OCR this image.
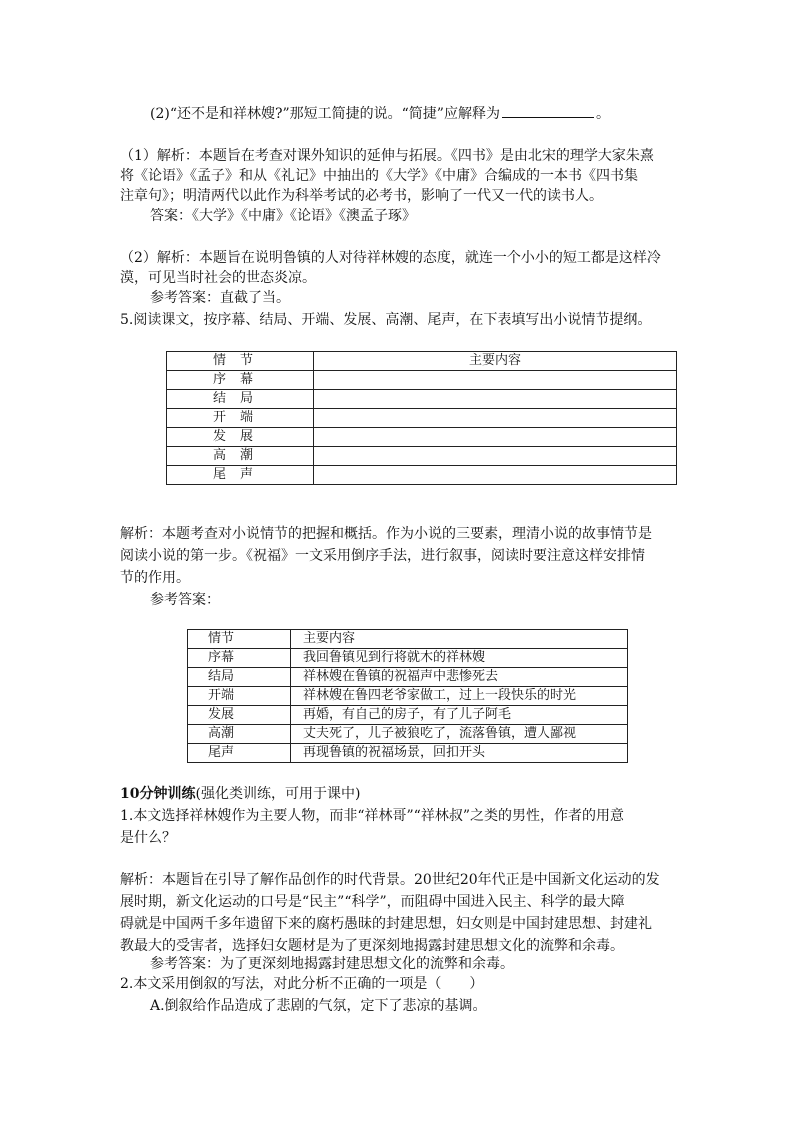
(2)“还不是和祥林嫂?”那短工简捷的说。“简捷”应解释为	。
（1）解析：本题旨在考查对课外知识的延伸与拓展。《四书》是由北宋的理学大家朱熹
将《论语》《孟子》和从《礼记》中抽出的《大学》《中庸》合编成的一本书《四书集
注章句》；明清两代以此作为科举考试的必考书，影响了一代又一代的读书人。
答案：《大学》《中庸》《论语》《澳孟子琢》
（2）解析：本题旨在说明鲁镇的人对待祥林嫂的态度，就连一个小小的短工都是这样冷
漠，可见当时社会的世态炎凉。
参考答案：直截了当。
5.阅读课文，按序幕、结局、开端、发展、高潮、尾声，在下表填写出小说情节提纲。
情节	主要内容
序幕	
结局	
开端	
发展	
高潮	
尾声	
解析：本题考查对小说情节的把握和概括。作为小说的三要素，理清小说的故事情节是
阅读小说的第一步。《祝福》一文采用倒序手法，进行叙事，阅读时要注意这样安排情
节的作用。
参考答案：
情节	主要内容
序幕	我回鲁镇见到行将就木的祥林嫂
结局	祥林嫂在鲁镇的祝福声中悲惨死去
开端	祥林嫂在鲁四老爷家做工，过上一段快乐的时光
发展	再婚，有自己的房子，有了儿子阿毛
高潮	丈夫死了，儿子被狼吃了，流落鲁镇，遭人鄙视
尾声	再现鲁镇的祝福场景，回扣开头
10分钟训练(强化类训练，可用于课中)
1.本文选择祥林嫂作为主要人物，而非“祥林哥”“祥林叔”之类的男性，作者的用意
是什么？
解析：本题旨在引导了解作品创作的时代背景。20世纪20年代正是中国新文化运动的发
展时期，新文化运动的口号是“民主”“科学”，而阻碍中国进入民主、科学的最大障
碍就是中国两千多年遗留下来的腐朽愚昧的封建思想，妇女则是中国封建思想、封建礼
教最大的受害者，选择妇女题材是为了更深刻地揭露封建思想文化的流弊和余毒。
参考答案：为了更深刻地揭露封建思想文化的流弊和余毒。
2.本文采用倒叙的写法，对此分析不正确的一项是（　　）
A.倒叙给作品造成了悲剧的气氛，定下了悲凉的基调。
